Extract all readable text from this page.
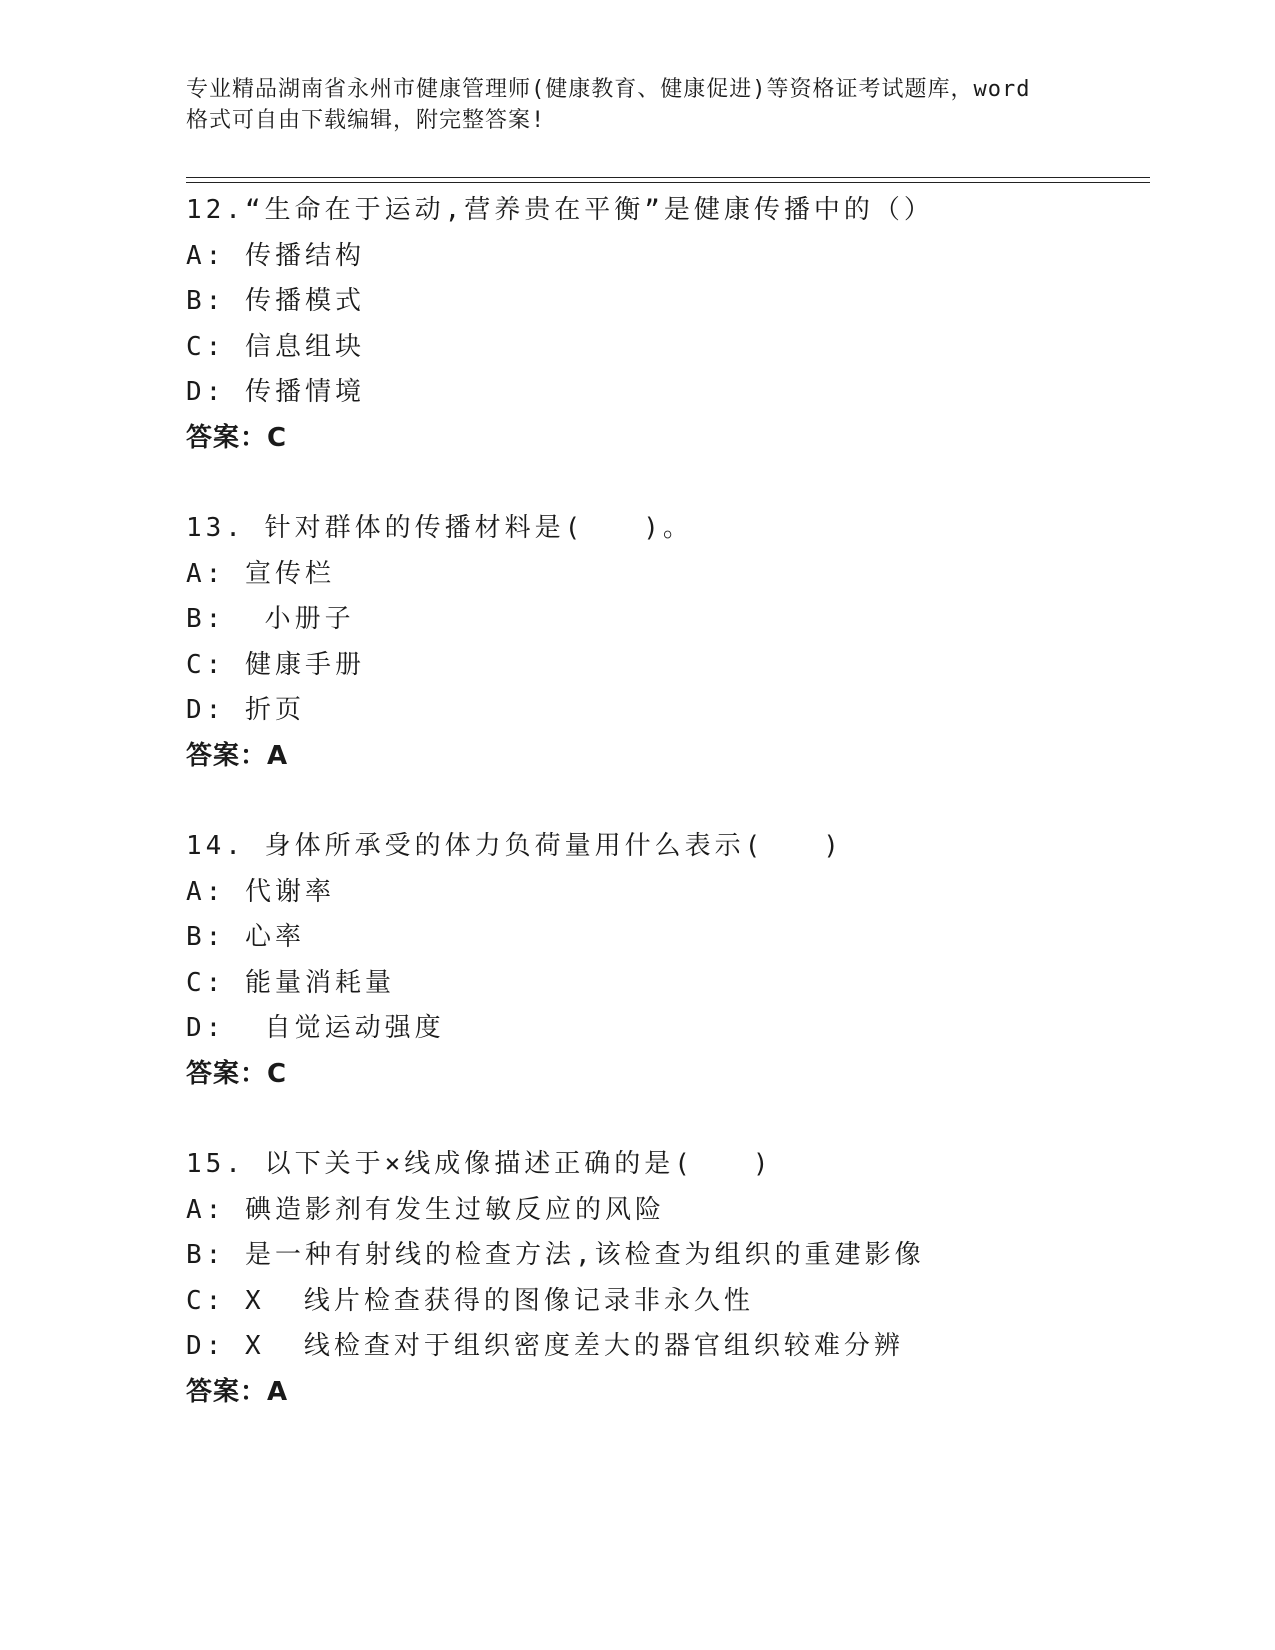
专业精品湖南省永州市健康管理师(健康教育、健康促进)等资格证考试题库，word
格式可自由下载编辑，附完整答案!
12.“生命在于运动,营养贵在平衡”是健康传播中的（）
A: 传播结构
B: 传播模式
C: 信息组块
D: 传播情境
答案：C
13. 针对群体的传播材料是(   )。
A: 宣传栏
B:  小册子
C: 健康手册
D: 折页
答案：A
14. 身体所承受的体力负荷量用什么表示(   )
A: 代谢率
B: 心率
C: 能量消耗量
D:  自觉运动强度
答案：C
15. 以下关于×线成像描述正确的是(   )
A: 碘造影剂有发生过敏反应的风险
B: 是一种有射线的检查方法,该检查为组织的重建影像
C: X  线片检查获得的图像记录非永久性
D: X  线检查对于组织密度差大的器官组织较难分辨
答案：A
